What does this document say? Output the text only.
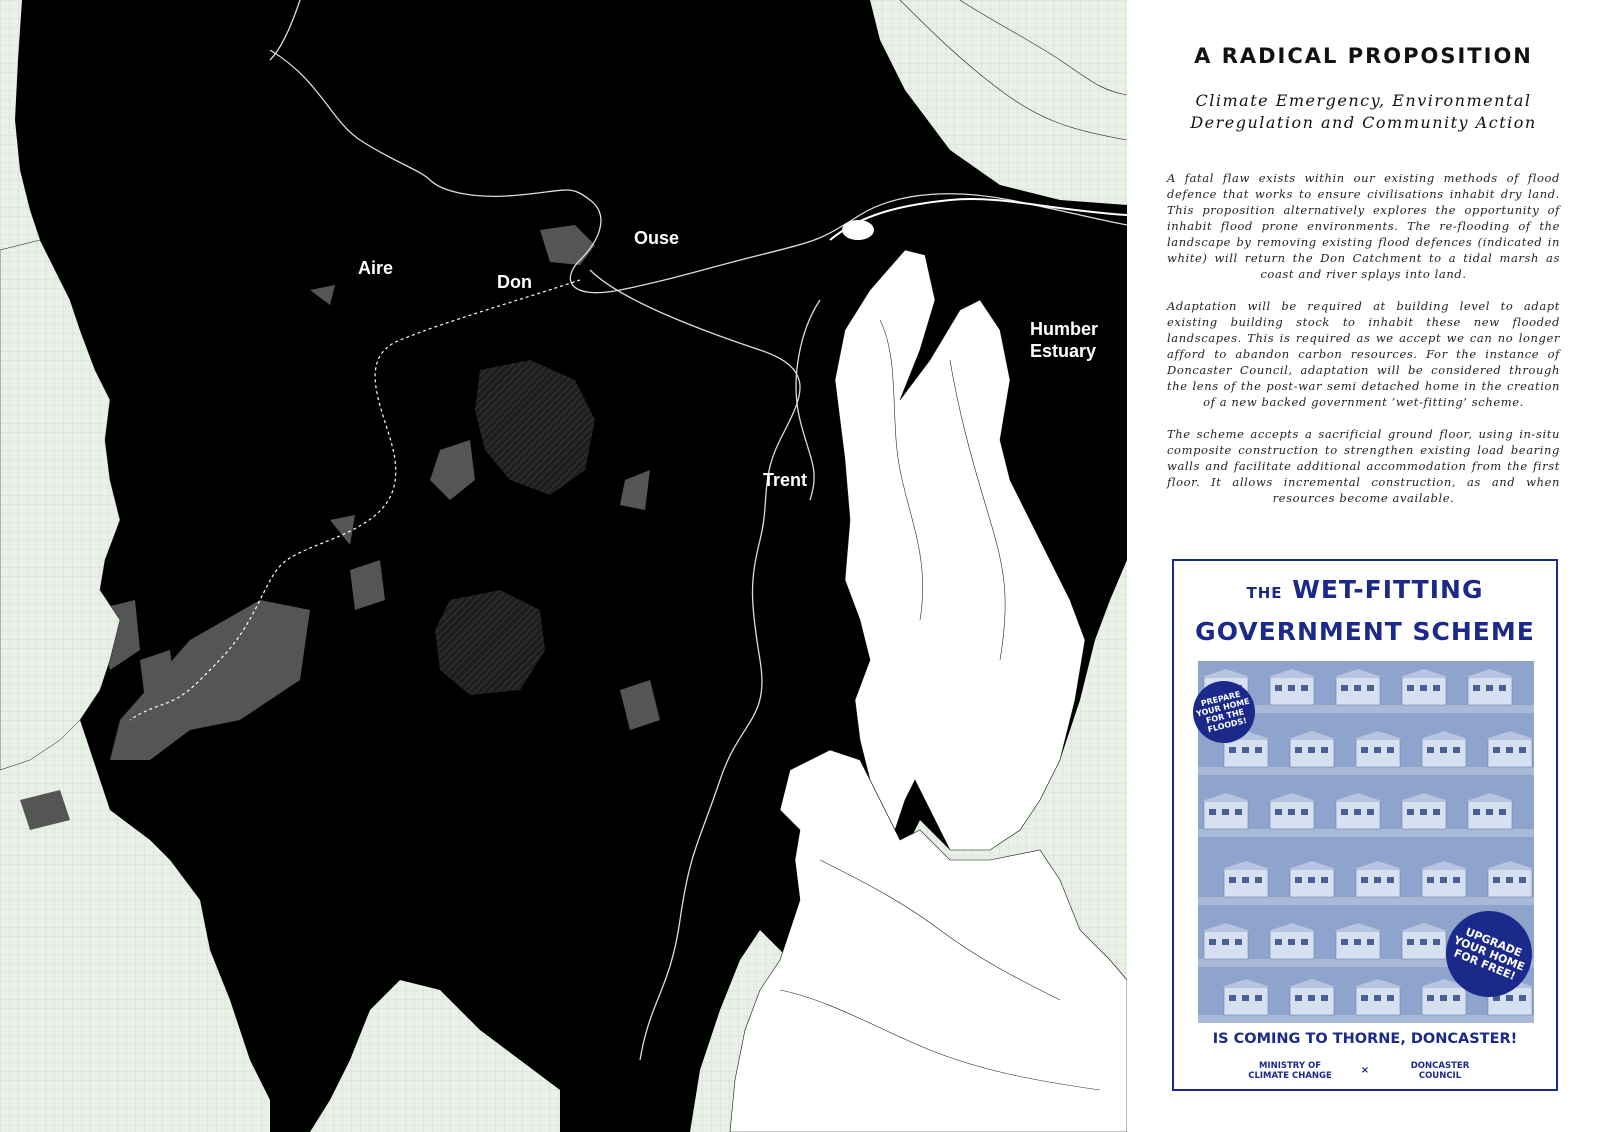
Aire
Don
Ouse
Humber
Estuary
Trent
A RADICAL PROPOSITION
Climate Emergency, Environmental
Deregulation and Community Action

A fatal flaw exists within our existing methods of flood defence that works to ensure civilisations inhabit dry land. This proposition alternatively explores the opportunity of inhabit flood prone environments. The re-flooding of the landscape by removing existing flood defences (indicated in white) will return the Don Catchment to a tidal marsh as coast and river splays into land.

Adaptation will be required at building level to adapt existing building stock to inhabit these new flooded landscapes. This is required as we accept we can no longer afford to abandon carbon resources. For the instance of Doncaster Council, adaptation will be considered through the lens of the post-war semi detached home in the creation of a new backed government ‘wet-fitting’ scheme.

The scheme accepts a sacrificial ground floor, using in-situ composite construction to strengthen existing load bearing walls and facilitate additional accommodation from the first floor. It allows incremental construction, as and when resources become available.

THE WET-FITTING
GOVERNMENT SCHEME
PREPARE YOUR HOME FOR THE FLOODS!
UPGRADE YOUR HOME FOR FREE!
IS COMING TO THORNE, DONCASTER!
MINISTRY OF
CLIMATE CHANGE	×	DONCASTER
COUNCIL
